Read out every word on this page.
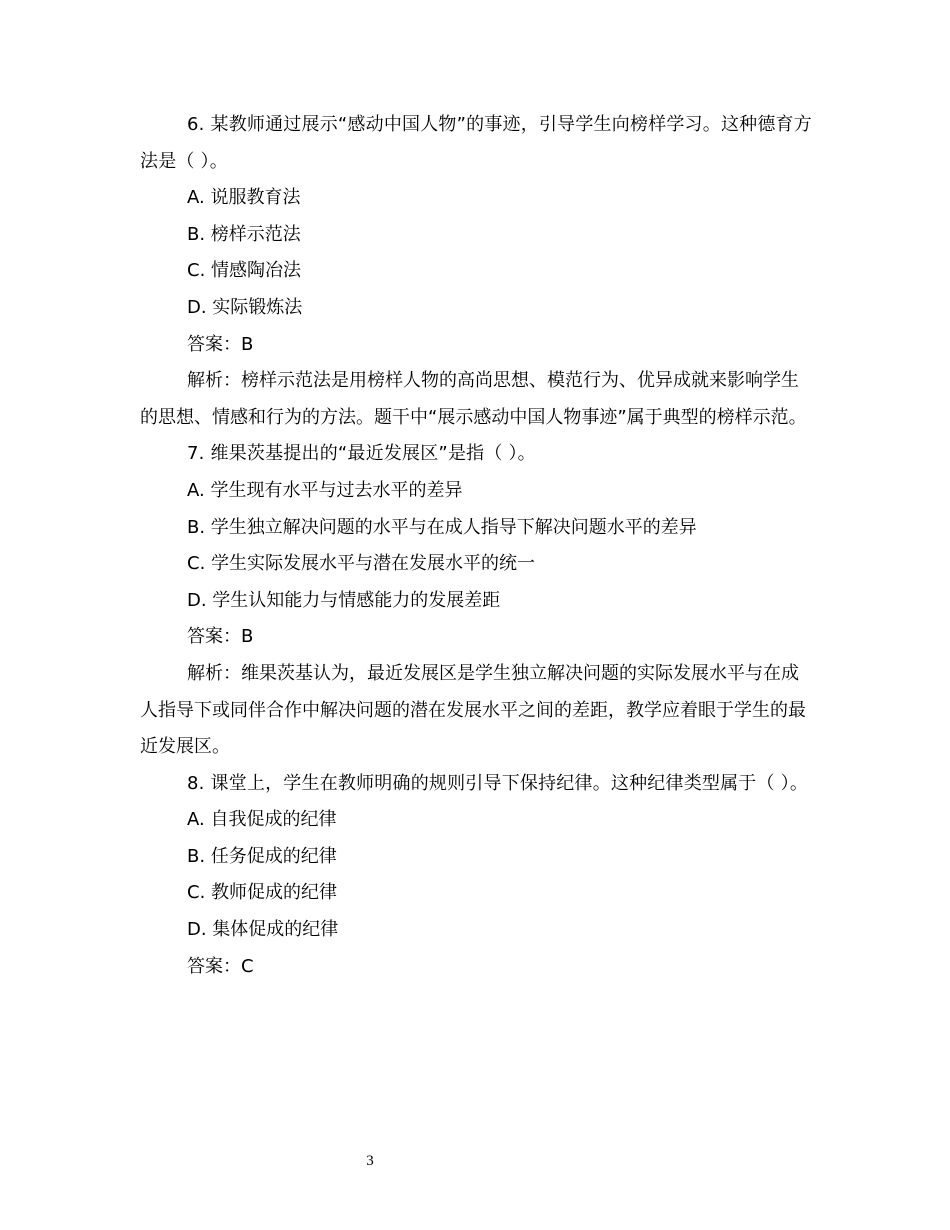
6. 某教师通过展示“感动中国人物”的事迹，引导学生向榜样学习。这种德育方法是（ ）。

A. 说服教育法

B. 榜样示范法

C. 情感陶冶法

D. 实际锻炼法

答案：B

解析：榜样示范法是用榜样人物的高尚思想、模范行为、优异成就来影响学生的思想、情感和行为的方法。题干中“展示感动中国人物事迹”属于典型的榜样示范。

7. 维果茨基提出的“最近发展区”是指（ ）。

A. 学生现有水平与过去水平的差异

B. 学生独立解决问题的水平与在成人指导下解决问题水平的差异

C. 学生实际发展水平与潜在发展水平的统一

D. 学生认知能力与情感能力的发展差距

答案：B

解析：维果茨基认为，最近发展区是学生独立解决问题的实际发展水平与在成人指导下或同伴合作中解决问题的潜在发展水平之间的差距，教学应着眼于学生的最近发展区。

8. 课堂上，学生在教师明确的规则引导下保持纪律。这种纪律类型属于（ ）。

A. 自我促成的纪律

B. 任务促成的纪律

C. 教师促成的纪律

D. 集体促成的纪律

答案：C

3
